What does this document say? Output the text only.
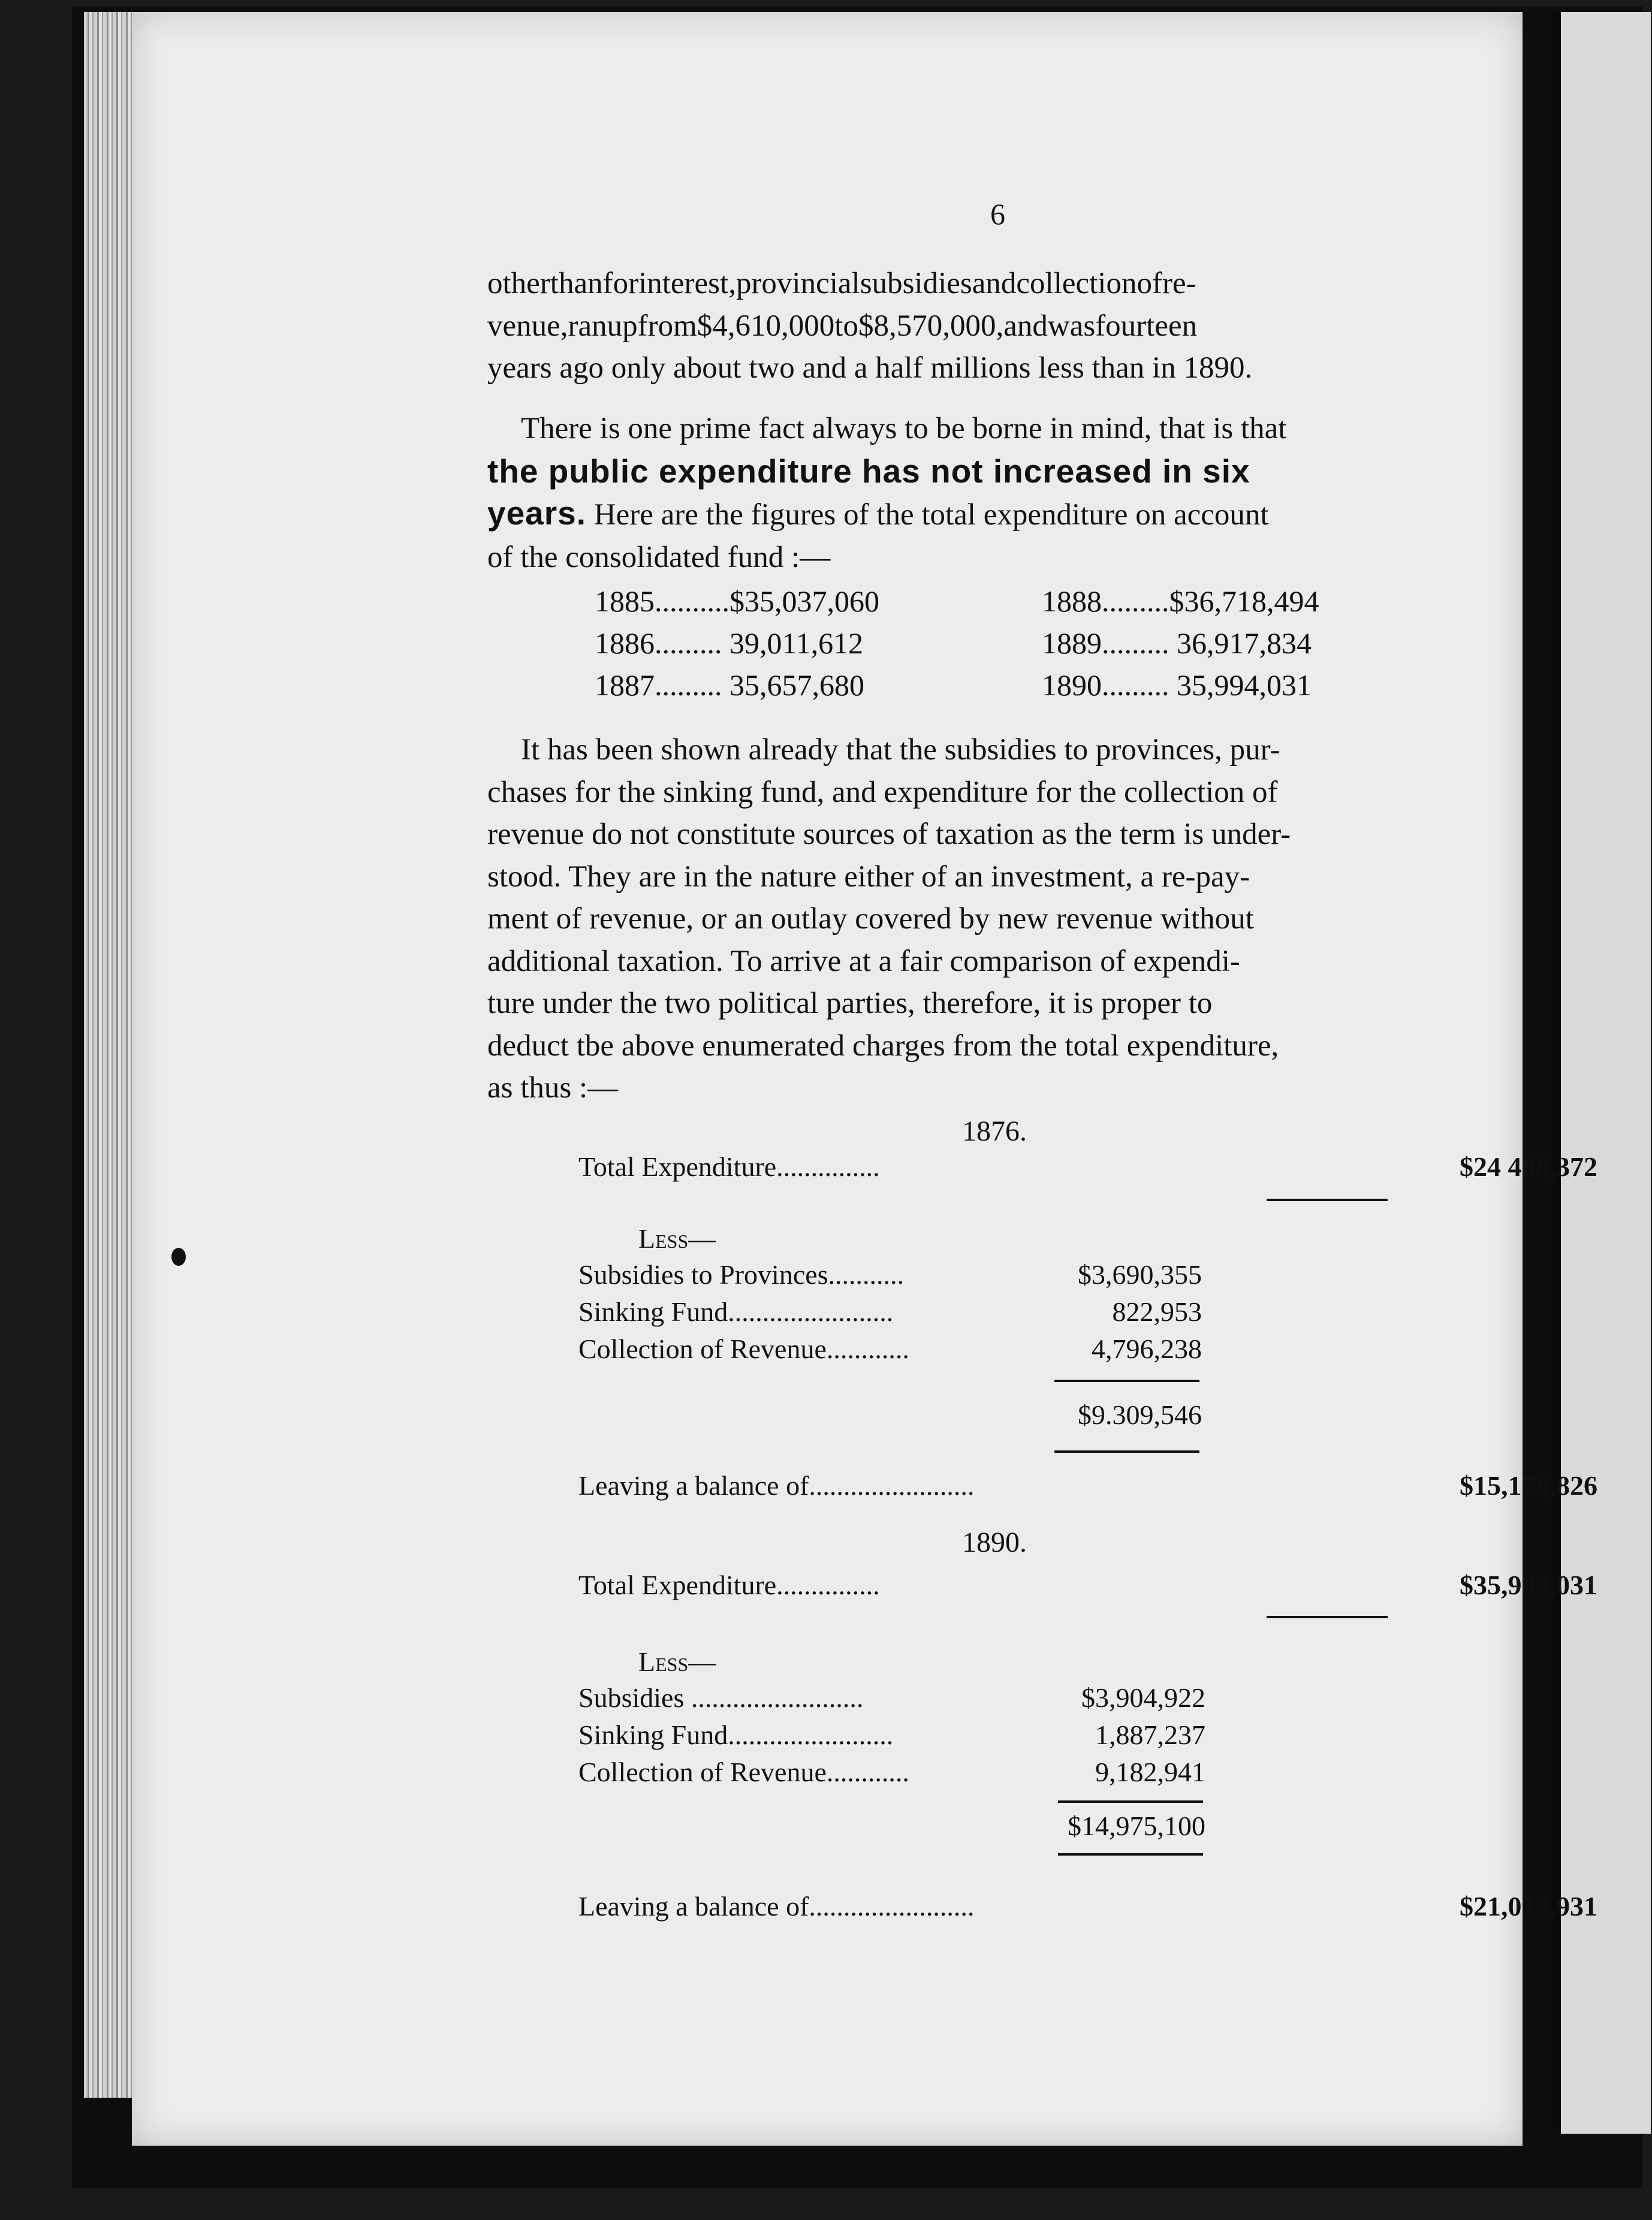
6
otherthanforinterest,provincialsubsidiesandcollectionofre-
venue,ranupfrom$4,610,000to$8,570,000,andwasfourteen
years ago only about two and a half millions less than in 1890.
There is one prime fact always to be borne in mind, that is that
the public expenditure has not increased in six
years. Here are the figures of the total expenditure on account
of the consolidated fund :—
It has been shown already that the subsidies to provinces, pur-
chases for the sinking fund, and expenditure for the collection of
revenue do not constitute sources of taxation as the term is under-
stood. They are in the nature either of an investment, a re-pay-
ment of revenue, or an outlay covered by new revenue without
additional taxation. To arrive at a fair comparison of expendi-
ture under the two political parties, therefore, it is proper to
deduct tbe above enumerated charges from the total expenditure,
as thus :—
1885..........$35,037,060	1888.........$36,718,494
1886......... 39,011,612	1889......... 36,917,834
1887......... 35,657,680	1890......... 35,994,031
1876.
Total Expenditure...............	$24 488,372
Less—
Subsidies to Provinces...........	$3,690,355
Sinking Fund........................	822,953
Collection of Revenue............	4,796,238
$9.309,546
Leaving a balance of........................	$15,178,826
1890.
Total Expenditure...............	$35,994,031
Less—
Subsidies .........................	$3,904,922
Sinking Fund........................	1,887,237
Collection of Revenue............	9,182,941
$14,975,100
Leaving a balance of........................	$21,018,931
